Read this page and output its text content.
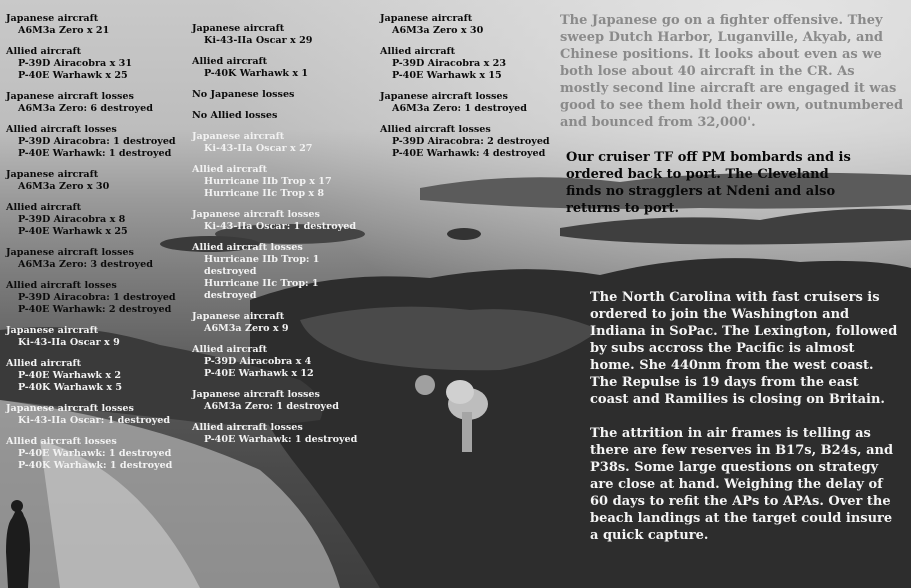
Japanese aircraft
A6M3a Zero x 21
Allied aircraft
P-39D Airacobra x 31
P-40E Warhawk x 25
Japanese aircraft losses
A6M3a Zero: 6 destroyed
Allied aircraft losses
P-39D Airacobra: 1 destroyed
P-40E Warhawk: 1 destroyed
Japanese aircraft
A6M3a Zero x 30
Allied aircraft
P-39D Airacobra x 8
P-40E Warhawk x 25
Japanese aircraft losses
A6M3a Zero: 3 destroyed
Allied aircraft losses
P-39D Airacobra: 1 destroyed
P-40E Warhawk: 2 destroyed
Japanese aircraft
Ki-43-IIa Oscar x 9
Allied aircraft
P-40E Warhawk x 2
P-40K Warhawk x 5
Japanese aircraft losses
Ki-43-IIa Oscar: 1 destroyed
Allied aircraft losses
P-40E Warhawk: 1 destroyed
P-40K Warhawk: 1 destroyed
Japanese aircraft
Ki-43-IIa Oscar x 29
Allied aircraft
P-40K Warhawk x 1
No Japanese losses
No Allied losses
Japanese aircraft
Ki-43-IIa Oscar x 27
Allied aircraft
Hurricane IIb Trop x 17
Hurricane IIc Trop x 8
Japanese aircraft losses
Ki-43-IIa Oscar: 1 destroyed
Allied aircraft losses
Hurricane IIb Trop: 1 destroyed
Hurricane IIc Trop: 1 destroyed
Japanese aircraft
A6M3a Zero x 9
Allied aircraft
P-39D Airacobra x 4
P-40E Warhawk x 12
Japanese aircraft losses
A6M3a Zero: 1 destroyed
Allied aircraft losses
P-40E Warhawk: 1 destroyed
Japanese aircraft
A6M3a Zero x 30
Allied aircraft
P-39D Airacobra x 23
P-40E Warhawk x 15
Japanese aircraft losses
A6M3a Zero: 1 destroyed
Allied aircraft losses
P-39D Airacobra: 2 destroyed
P-40E Warhawk: 4 destroyed
The Japanese go on a fighter offensive. They sweep Dutch Harbor, Luganville, Akyab, and Chinese positions. It looks about even as we both lose about 40 aircraft in the CR. As mostly second line aircraft are engaged it was good to see them hold their own, outnumbered and bounced from 32,000'.
Our cruiser TF off PM bombards and is ordered back to port. The Cleveland finds no stragglers at Ndeni and also returns to port.

The North Carolina with fast cruisers is ordered to join the Washington and Indiana in SoPac. The Lexington, followed by subs accross the Pacific is almost home. She 440nm from the west coast. The Repulse is 19 days from the east coast and Ramilies is closing on Britain.

The attrition in air frames is telling as there are few reserves in B17s, B24s, and P38s. Some large questions on strategy are close at hand. Weighing the delay of 60 days to refit the APs to APAs. Over the beach landings at the target could insure a quick capture.
